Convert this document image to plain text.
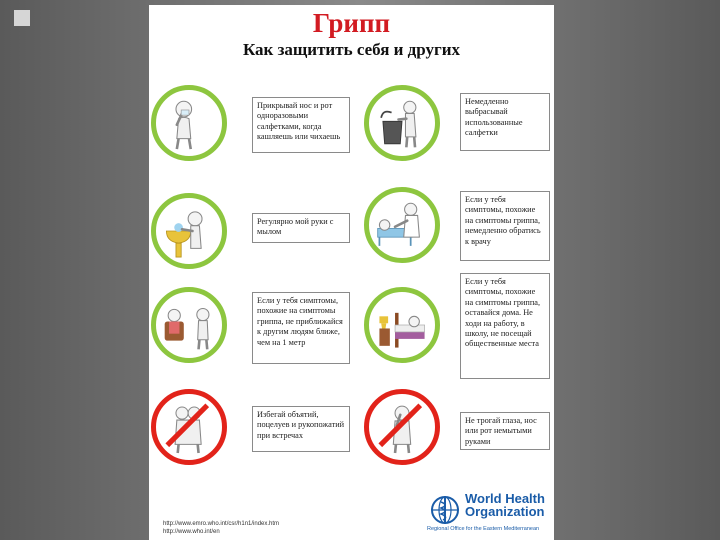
Грипп
Как защитить себя и других
Прикрывай нос и рот одноразовыми салфетками, когда кашляешь или чихаешь
Регулярно мой руки с мылом
Если у тебя симптомы, похожие на симптомы гриппа, не приближайся к другим людям ближе, чем на 1 метр
Избегай объятий, поцелуев и рукопожатий при встречах
Немедленно выбрасывай использованные салфетки
Если у тебя симптомы, похожие на симптомы гриппа, немедленно обратись к врачу
Если у тебя симптомы, похожие на симптомы гриппа, оставайся дома. Не ходи на работу, в школу, не посещай общественные места
Не трогай глаза, нос или рот немытыми руками
http://www.emro.who.int/csr/h1n1/index.htm
http://www.who.int/en
World Health
Organization
Regional Office for the Eastern Mediterranean
